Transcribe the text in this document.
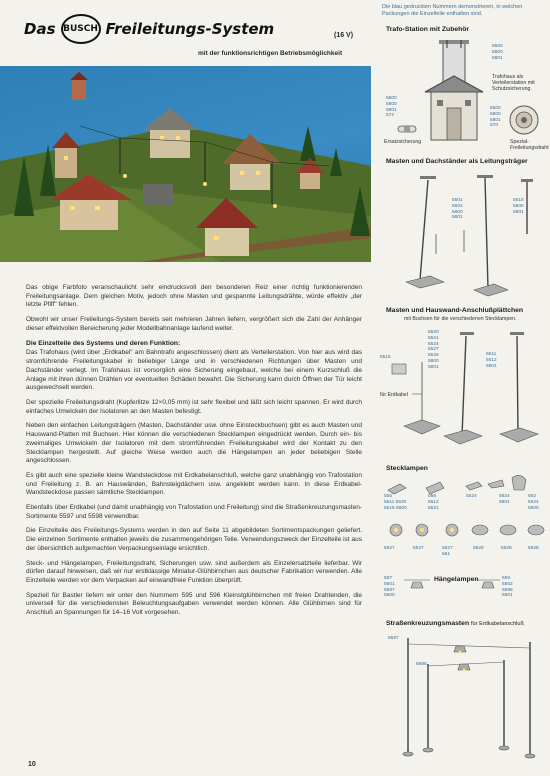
Das BUSCH Freileitungs-System	(16 V)
mit der funktionsrichtigen Betriebsmöglichkeit
Die blau gedruckten Nummern demonstrieren, in welchen Packungen die Einzelteile enthalten sind.

Das obige Farbfoto veranschaulicht sehr eindrucksvoll den besonderen Reiz einer richtig funktionierenden Freileitungsanlage. Dem gleichen Motiv, jedoch ohne Masten und gespannte Leitungsdrähte, würde effektiv „der letzte Pfiff" fehlen.

Obwohl wir unser Freileitungs-System bereits seit mehreren Jahren liefern, vergrößert sich die Zahl der Anhänger dieser effektvollen Bereicherung jeder Modellbahnanlage laufend weiter.

Die Einzelteile des Systems und deren Funktion:

Das Trafohaus (wird über „Erdkabel" am Bahntrafo angeschlossen) dient als Verteilerstation. Von hier aus wird das stromführende Freileitungskabel in beliebiger Länge und in verschiedenen Richtungen über Masten und Dachständer verlegt. Im Trafohaus ist vorsorglich eine Sicherung eingebaut, welche bei einem Kurzschluß die Anlage mit ihren dünnen Drähten vor eventuellen Schäden bewahrt. Die Sicherung kann durch Öffnen der Tür leicht ausgewechselt werden.

Der spezielle Freileitungsdraht (Kupferlitze 12×0,05 mm) ist sehr flexibel und läßt sich leicht spannen. Er wird durch einfaches Umwickeln der Isolatoren an den Masten befestigt.

Neben den einfachen Leitungsträgern (Masten, Dachständer usw. ohne Einsteckbuchsen) gibt es auch Masten und Hauswand-Platten mit Buchsen. Hier können die verschiedenen Stecklampen eingedrückt werden. Durch ein- bis zweimaliges Umwickeln der Isolatoren mit dem stromführenden Freileitungskabel wird der Kontakt zu den Stecklampen hergestellt. Auf gleiche Weise werden auch die Hängelampen an jeder beliebigen Stelle angeschlossen.

Es gibt auch eine spezielle kleine Wandsteckdose mit Erdkabelanschluß, welche ganz unabhängig von Trafostation und Freileitung z. B. an Hauswänden, Bahnsteigdächern usw. angeklebt werden kann. In diese Erdkabel-Wandsteckdose passen sämtliche Stecklampen.

Ebenfalls über Erdkabel (und damit unabhängig von Trafostation und Freileitung) sind die Straßenkreuzungsmasten-Sortimente 5597 und 5598 verwendbar.

Die Einzelteile des Freileitungs-Systems werden in den auf Seite 11 abgebildeten Sortimentspackungen geliefert. Die einzelnen Sortimente enthalten jeweils die zusammengehörigen Teile. Verwendungszweck der Einzelteile ist aus der übersichtlich aufgemachten Verpackungseinlage ersichtlich.

Steck- und Hängelampen, Freileitungsdraht, Sicherungen usw. sind außerdem als Einzelersatzteile lieferbar. Wir dürfen darauf hinweisen, daß wir nur erstklassige Miniatur-Glühbirnchen aus deutscher Fabrikation verwenden. Alle Einzelteile werden vor dem Verpacken auf einwandfreie Funktion überprüft.

Speziell für Bastler liefern wir unter den Nummern 595 und 596 Kleinstglühbirnchen mit freien Drahtenden, die universell für die verschiedensten Beleuchtungsaufgaben verwendet werden können. Alle Glühbirnen sind für Anschluß an Spannungen für 14–16 Volt vorgesehen.

10
Trafo-Station mit Zubehör
5500
5800
5801
Trafohaus als
Verteilerstation mit
Schutzsicherung.
5500
5800
5801
572
Ersatzsicherung
5500
5800
5801
570
Spezial-
Freileitungsdraht
Masten und Dachständer als Leitungsträger
5501
5502
5800
5801
5515
5800
5801
Masten und Hauswand-Anschlußplättchen
mit Buchsen für die verschiedenen Stecklampen.
5515
5520
5521
5524
5527
5528
5800
5801
5511
5512
5801
für Erdkabel
Stecklampen
555
5511 5520
5515 5800
558
5512
5521
5524	5524
5801
562
5524
5800
5527	5527	5527
561
5528	5528	5528
557
5501
5597
5800
Hängelampen	559
5502
5598
5801
Straßenkreuzungsmasten für Erdkabelanschluß
5597
5598
